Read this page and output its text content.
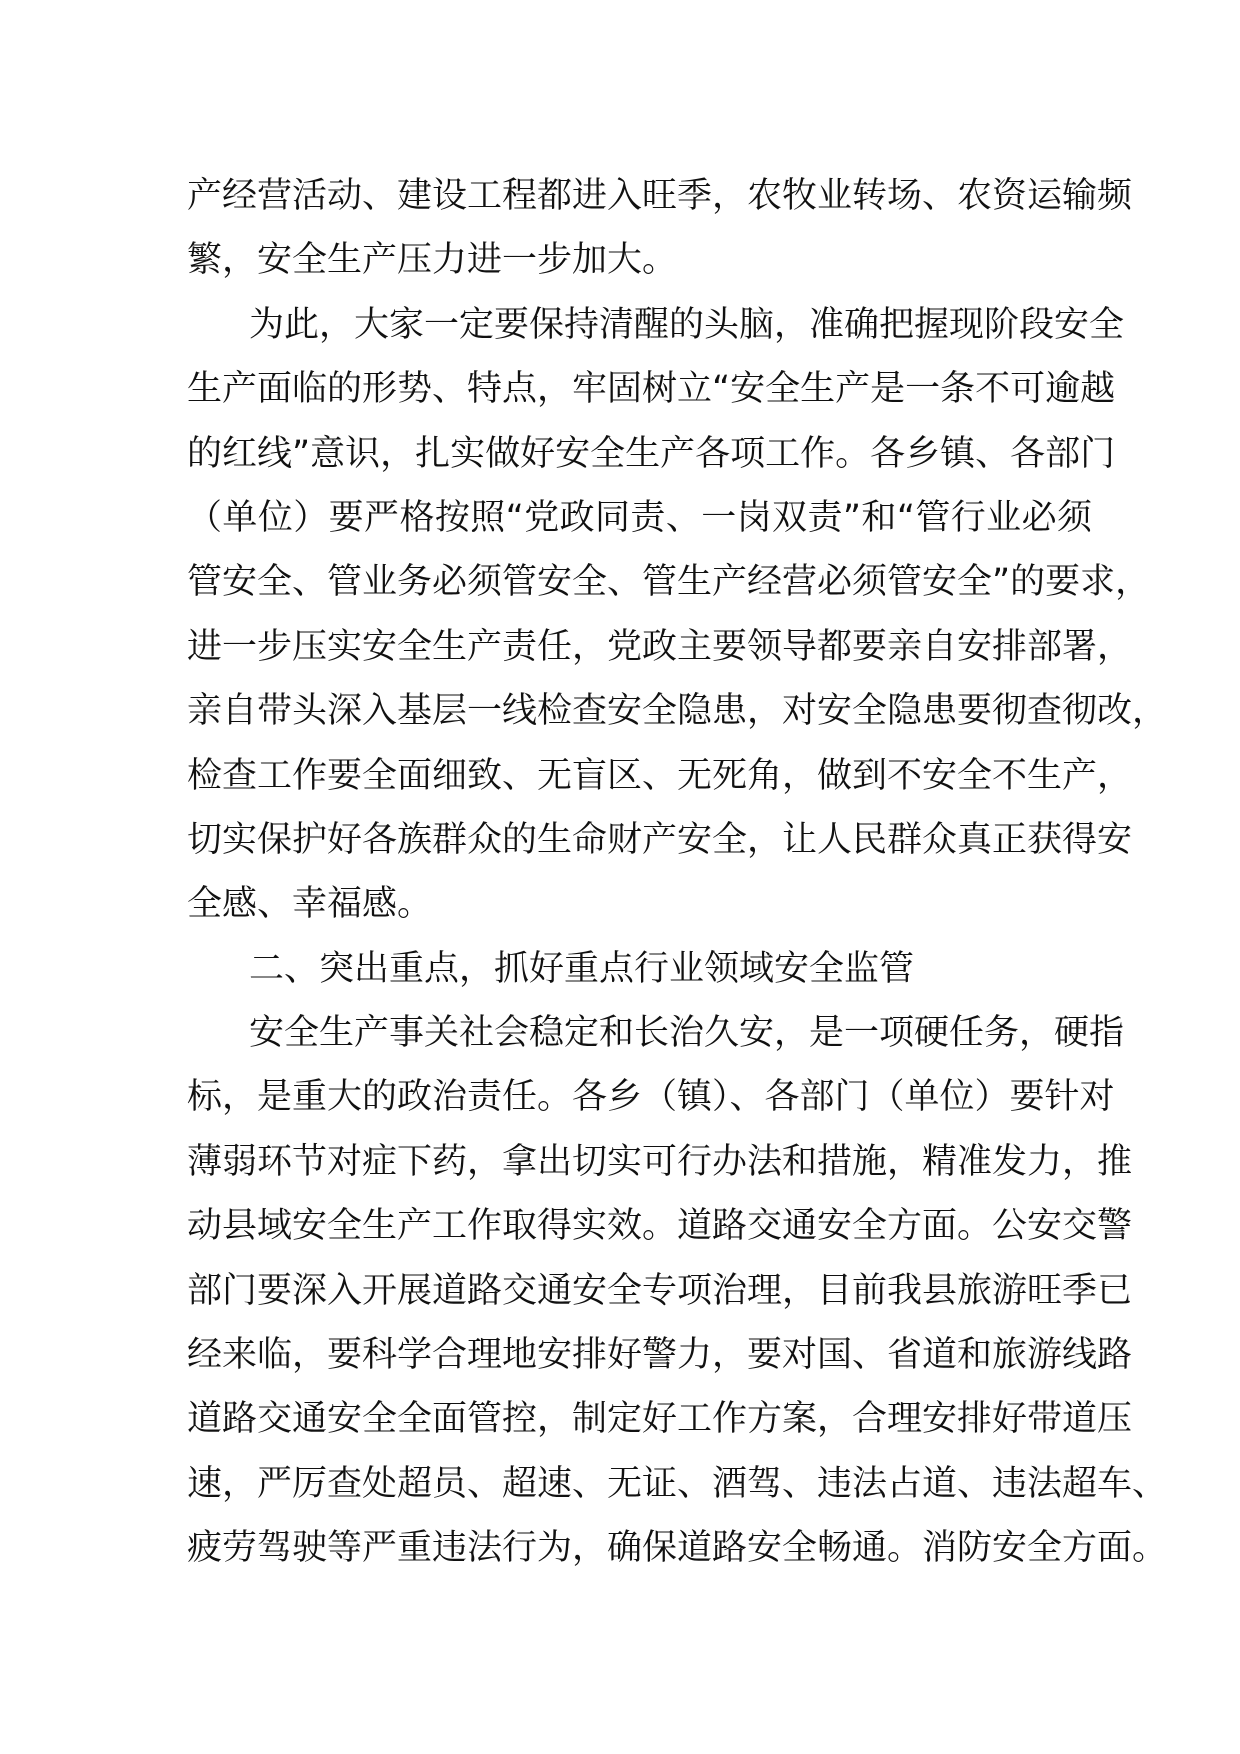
产经营活动、建设工程都进入旺季，农牧业转场、农资运输频
繁，安全生产压力进一步加大。
为此，大家一定要保持清醒的头脑，准确把握现阶段安全
生产面临的形势、特点，牢固树立“安全生产是一条不可逾越
的红线”意识，扎实做好安全生产各项工作。各乡镇、各部门
（单位）要严格按照“党政同责、一岗双责”和“管行业必须
管安全、管业务必须管安全、管生产经营必须管安全”的要求，
进一步压实安全生产责任，党政主要领导都要亲自安排部署，
亲自带头深入基层一线检查安全隐患，对安全隐患要彻查彻改，
检查工作要全面细致、无盲区、无死角，做到不安全不生产，
切实保护好各族群众的生命财产安全，让人民群众真正获得安
全感、幸福感。
二、突出重点，抓好重点行业领域安全监管
安全生产事关社会稳定和长治久安，是一项硬任务，硬指
标，是重大的政治责任。各乡（镇）、各部门（单位）要针对
薄弱环节对症下药，拿出切实可行办法和措施，精准发力，推
动县域安全生产工作取得实效。道路交通安全方面。公安交警
部门要深入开展道路交通安全专项治理，目前我县旅游旺季已
经来临，要科学合理地安排好警力，要对国、省道和旅游线路
道路交通安全全面管控，制定好工作方案，合理安排好带道压
速，严厉查处超员、超速、无证、酒驾、违法占道、违法超车、
疲劳驾驶等严重违法行为，确保道路安全畅通。消防安全方面。
